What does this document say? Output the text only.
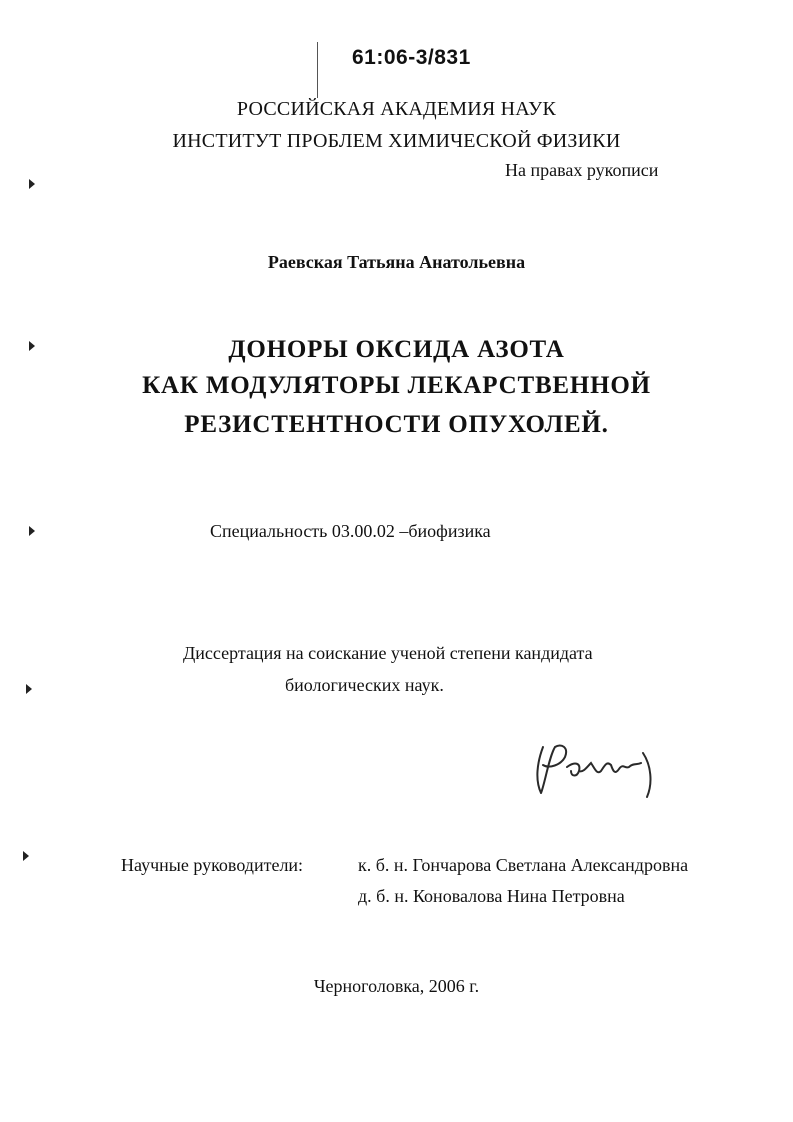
61:06-3/831
РОССИЙСКАЯ АКАДЕМИЯ НАУК
ИНСТИТУТ ПРОБЛЕМ ХИМИЧЕСКОЙ ФИЗИКИ
На правах рукописи
Раевская Татьяна Анатольевна
ДОНОРЫ ОКСИДА АЗОТА
КАК МОДУЛЯТОРЫ ЛЕКАРСТВЕННОЙ
РЕЗИСТЕНТНОСТИ ОПУХОЛЕЙ.
Специальность 03.00.02 –биофизика
Диссертация на соискание ученой степени кандидата
биологических наук.
Научные руководители:	к. б. н. Гончарова Светлана Александровна
д. б. н. Коновалова Нина Петровна
Черноголовка, 2006 г.
